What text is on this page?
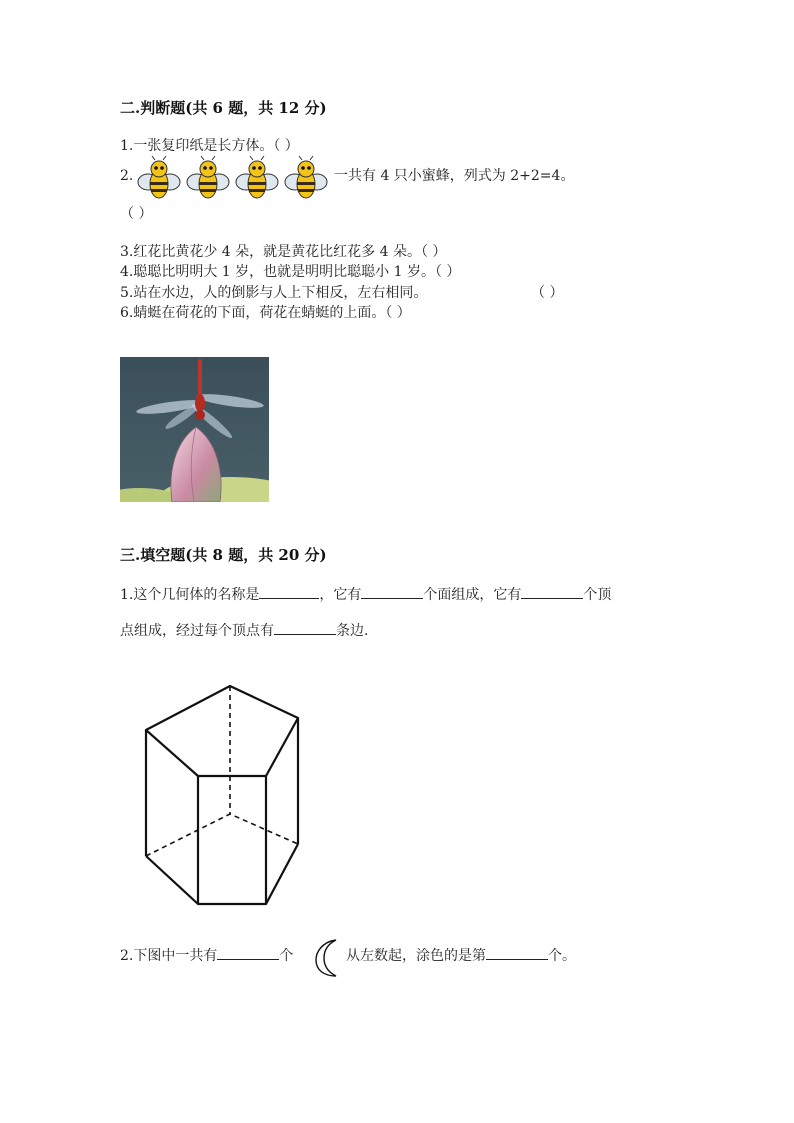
二.判断题(共 6 题，共 12 分)
1.一张复印纸是长方体。（ ）
2.	一共有 4 只小蜜蜂，列式为 2+2=4。
（ ）
3.红花比黄花少 4 朵，就是黄花比红花多 4 朵。（ ）
4.聪聪比明明大 1 岁，也就是明明比聪聪小 1 岁。（ ）
5.站在水边，人的倒影与人上下相反，左右相同。	（ ）
6.蜻蜓在荷花的下面，荷花在蜻蜓的上面。（ ）
三.填空题(共 8 题，共 20 分)
1.这个几何体的名称是	，它有	个面组成，它有	个顶
点组成，经过每个顶点有	条边.
2.下图中一共有	个	从左数起，涂色的是第	个。
